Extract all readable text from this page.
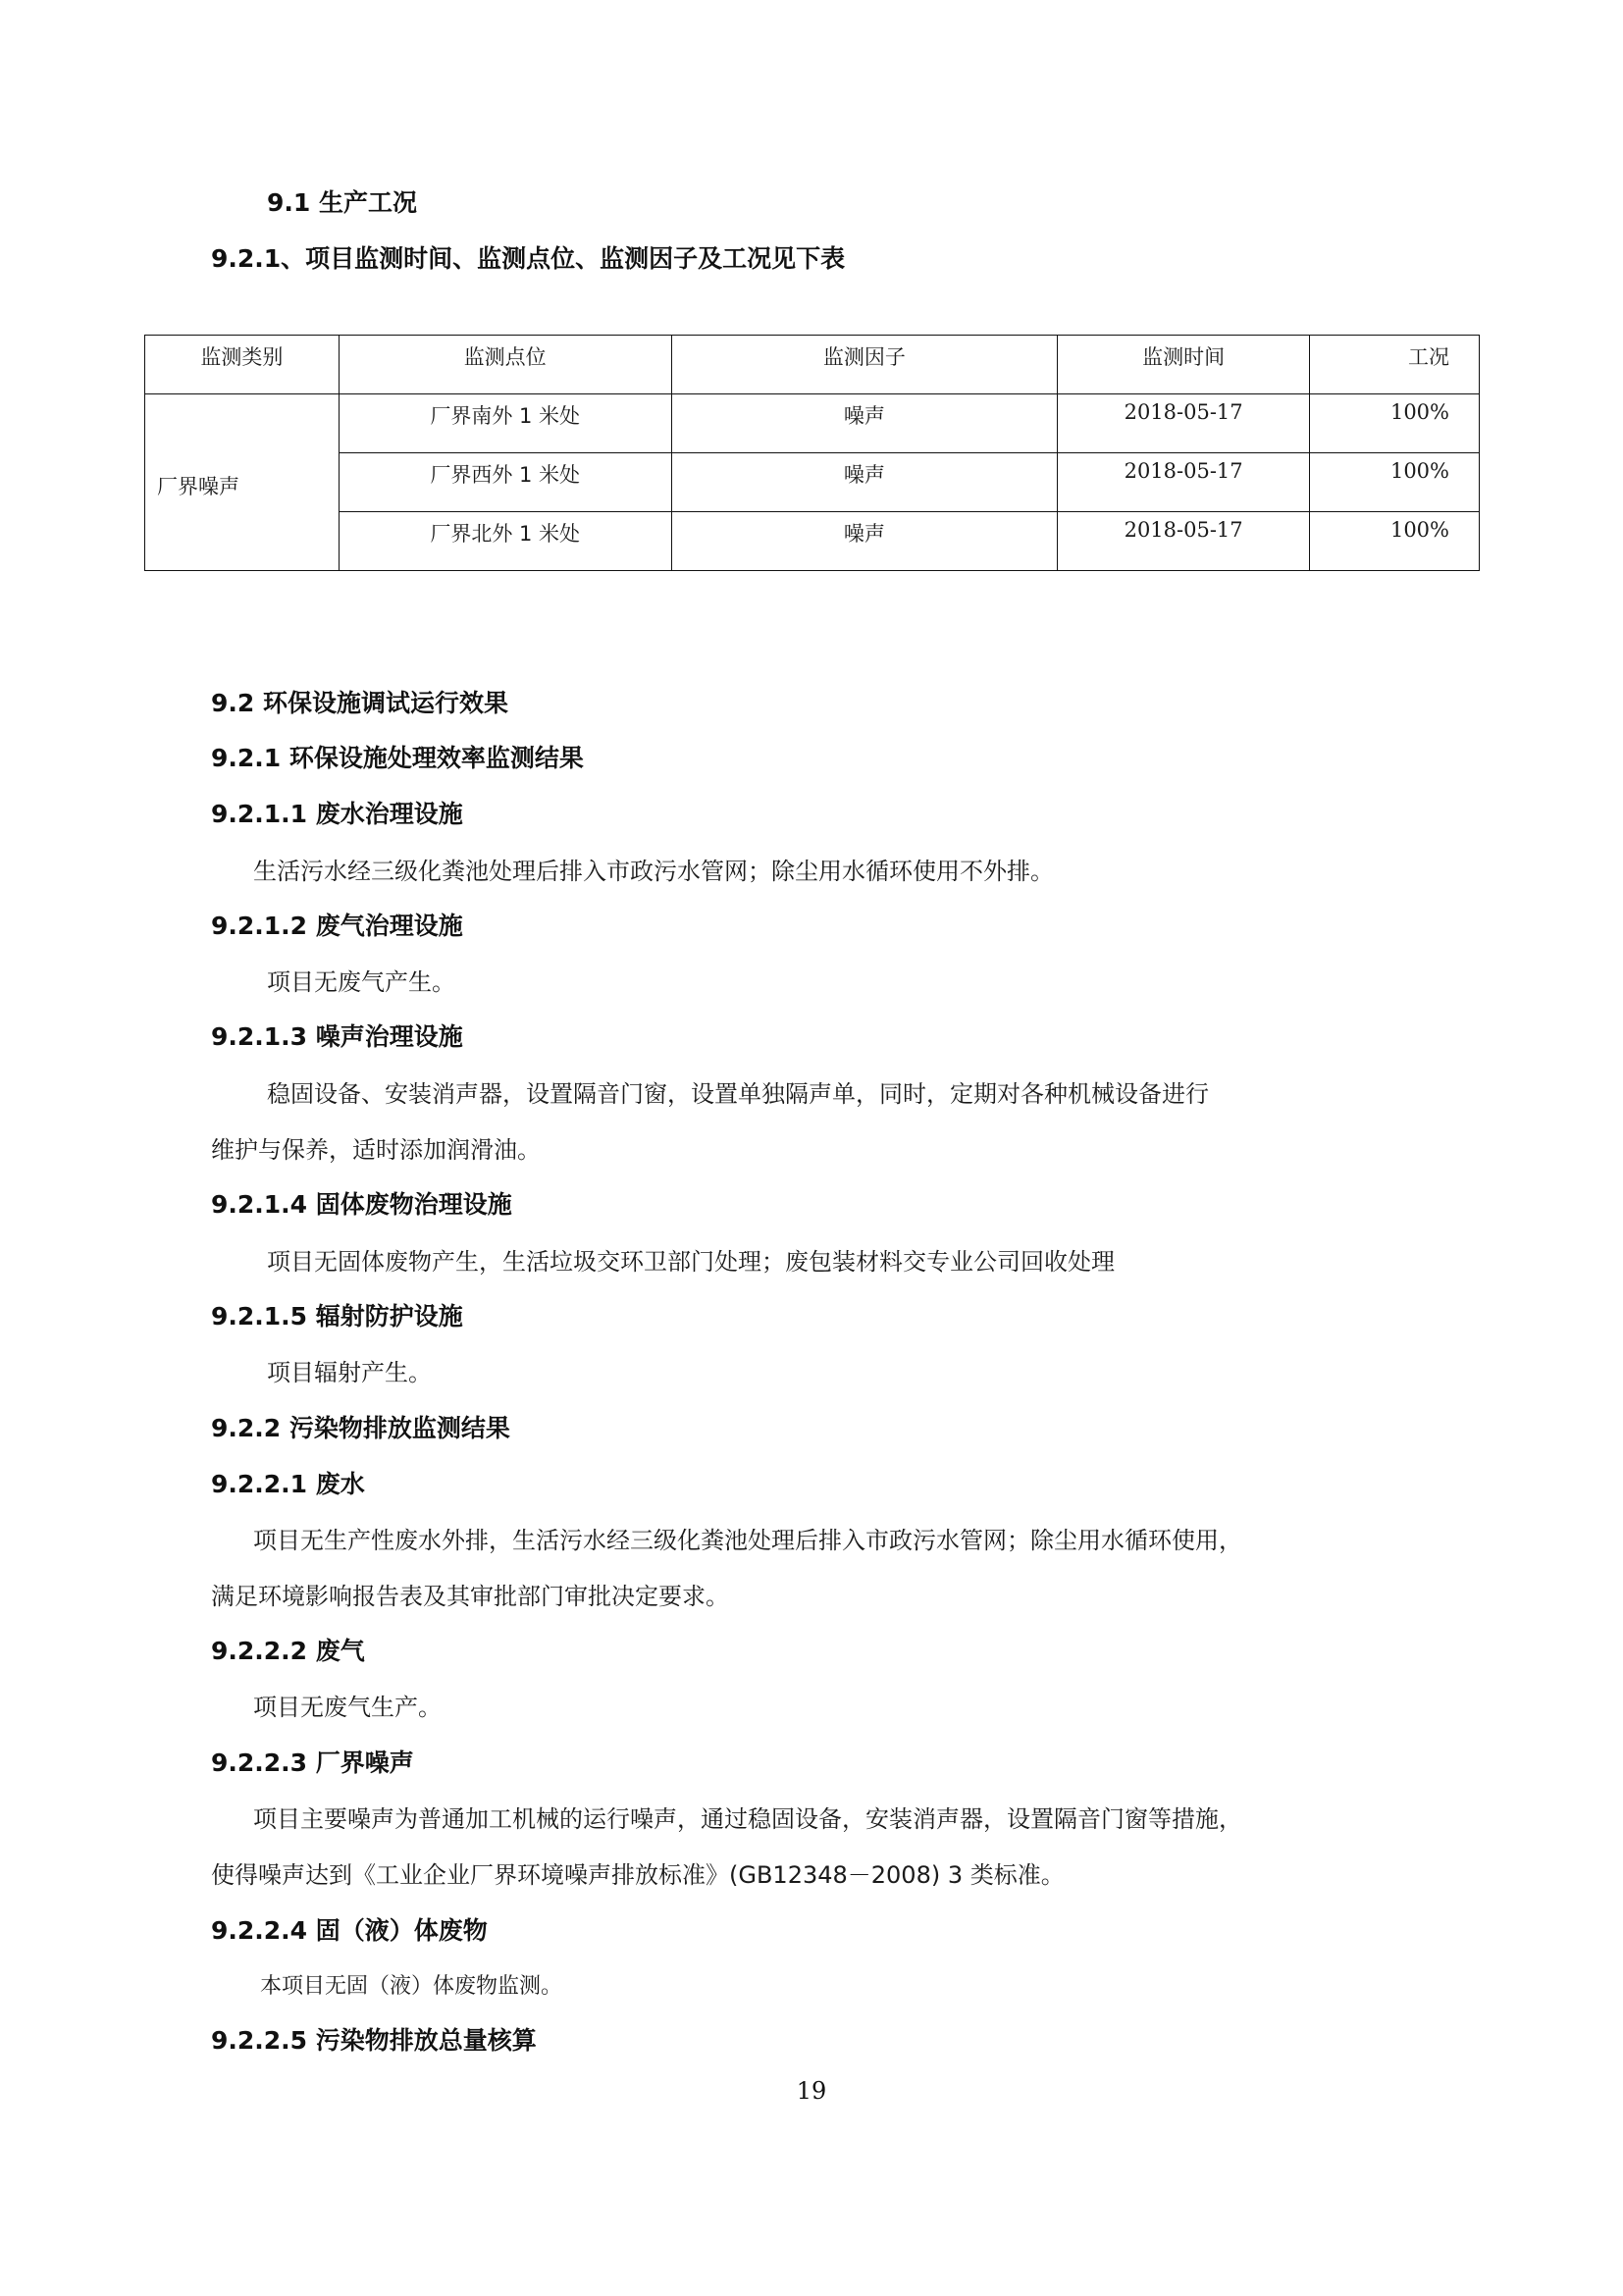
9.1 生产工况
9.2.1、项目监测时间、监测点位、监测因子及工况见下表
监测类别	监测点位	监测因子	监测时间	工况
厂界噪声	厂界南外 1 米处	噪声	2018-05-17	100%
	厂界西外 1 米处	噪声	2018-05-17	100%
	厂界北外 1 米处	噪声	2018-05-17	100%
9.2 环保设施调试运行效果
9.2.1 环保设施处理效率监测结果
9.2.1.1 废水治理设施
生活污水经三级化粪池处理后排入市政污水管网；除尘用水循环使用不外排。
9.2.1.2 废气治理设施
项目无废气产生。
9.2.1.3 噪声治理设施
稳固设备、安装消声器，设置隔音门窗，设置单独隔声单，同时，定期对各种机械设备进行
维护与保养，适时添加润滑油。
9.2.1.4 固体废物治理设施
项目无固体废物产生，生活垃圾交环卫部门处理；废包装材料交专业公司回收处理
9.2.1.5 辐射防护设施
项目辐射产生。
9.2.2 污染物排放监测结果
9.2.2.1 废水
项目无生产性废水外排，生活污水经三级化粪池处理后排入市政污水管网；除尘用水循环使用，
满足环境影响报告表及其审批部门审批决定要求。
9.2.2.2 废气
项目无废气生产。
9.2.2.3 厂界噪声
项目主要噪声为普通加工机械的运行噪声，通过稳固设备，安装消声器，设置隔音门窗等措施，
使得噪声达到《工业企业厂界环境噪声排放标准》(GB12348－2008) 3 类标准。
9.2.2.4 固（液）体废物
本项目无固（液）体废物监测。
9.2.2.5 污染物排放总量核算
19
